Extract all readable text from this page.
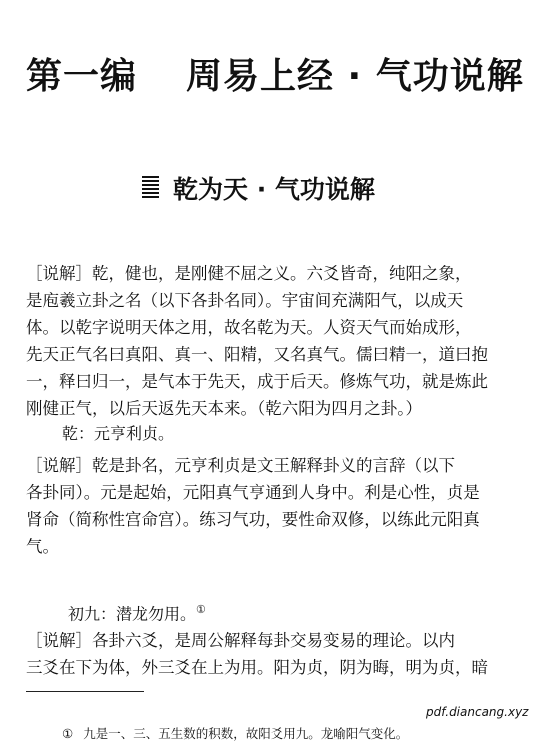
第一编 周易上经 · 气功说解
乾为天 · 气功说解
［说解］乾，健也，是刚健不屈之义。六爻皆奇，纯阳之象，
是庖羲立卦之名（以下各卦名同）。宇宙间充满阳气，以成天
体。以乾字说明天体之用，故名乾为天。人资天气而始成形，
先天正气名曰真阳、真一、阳精，又名真气。儒曰精一，道曰抱
一，释曰归一，是气本于先天，成于后天。修炼气功，就是炼此
刚健正气，以后天返先天本来。（乾六阳为四月之卦。）
乾：元亨利贞。
［说解］乾是卦名，元亨利贞是文王解释卦义的言辞（以下
各卦同）。元是起始，元阳真气亨通到人身中。利是心性，贞是
肾命（简称性宫命宫）。练习气功，要性命双修，以练此元阳真
气。
初九：潜龙勿用。①
［说解］各卦六爻，是周公解释每卦交易变易的理论。以内
三爻在下为体，外三爻在上为用。阳为贞，阴为晦，明为贞，暗
pdf.diancang.xyz
① 九是一、三、五生数的积数，故阳爻用九。龙喻阳气变化。
